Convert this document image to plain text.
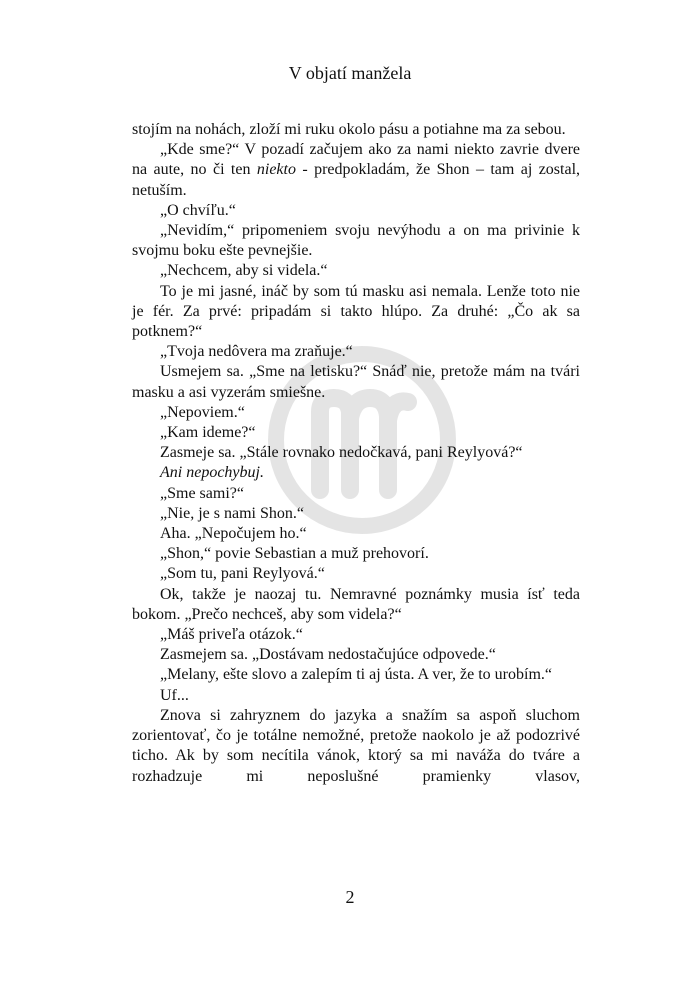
V objatí manžela

stojím na nohách, zloží mi ruku okolo pásu a potiahne ma za sebou.

„Kde sme?“ V pozadí začujem ako za nami niekto zavrie dvere na aute, no či ten niekto - predpokladám, že Shon – tam aj zostal, netuším.

„O chvíľu.“

„Nevidím,“ pripomeniem svoju nevýhodu a on ma privinie k svojmu boku ešte pevnejšie.

„Nechcem, aby si videla.“

To je mi jasné, ináč by som tú masku asi nemala. Lenže toto nie je fér. Za prvé: pripadám si takto hlúpo. Za druhé: „Čo ak sa potknem?“

„Tvoja nedôvera ma zraňuje.“

Usmejem sa. „Sme na letisku?“ Snáď nie, pretože mám na tvári masku a asi vyzerám smiešne.

„Nepoviem.“

„Kam ideme?“

Zasmeje sa. „Stále rovnako nedočkavá, pani Reylyová?“

Ani nepochybuj.

„Sme sami?“

„Nie, je s nami Shon.“

Aha. „Nepočujem ho.“

„Shon,“ povie Sebastian a muž prehovorí.

„Som tu, pani Reylyová.“

Ok, takže je naozaj tu. Nemravné poznámky musia ísť teda bokom. „Prečo nechceš, aby som videla?“

„Máš priveľa otázok.“

Zasmejem sa. „Dostávam nedostačujúce odpovede.“

„Melany, ešte slovo a zalepím ti aj ústa. A ver, že to urobím.“

Uf...

Znova si zahryznem do jazyka a snažím sa aspoň sluchom zorientovať, čo je totálne nemožné, pretože naokolo je až podozrivé ticho. Ak by som necítila vánok, ktorý sa mi naváža do tváre a rozhadzuje mi neposlušné pramienky vlasov,

2
